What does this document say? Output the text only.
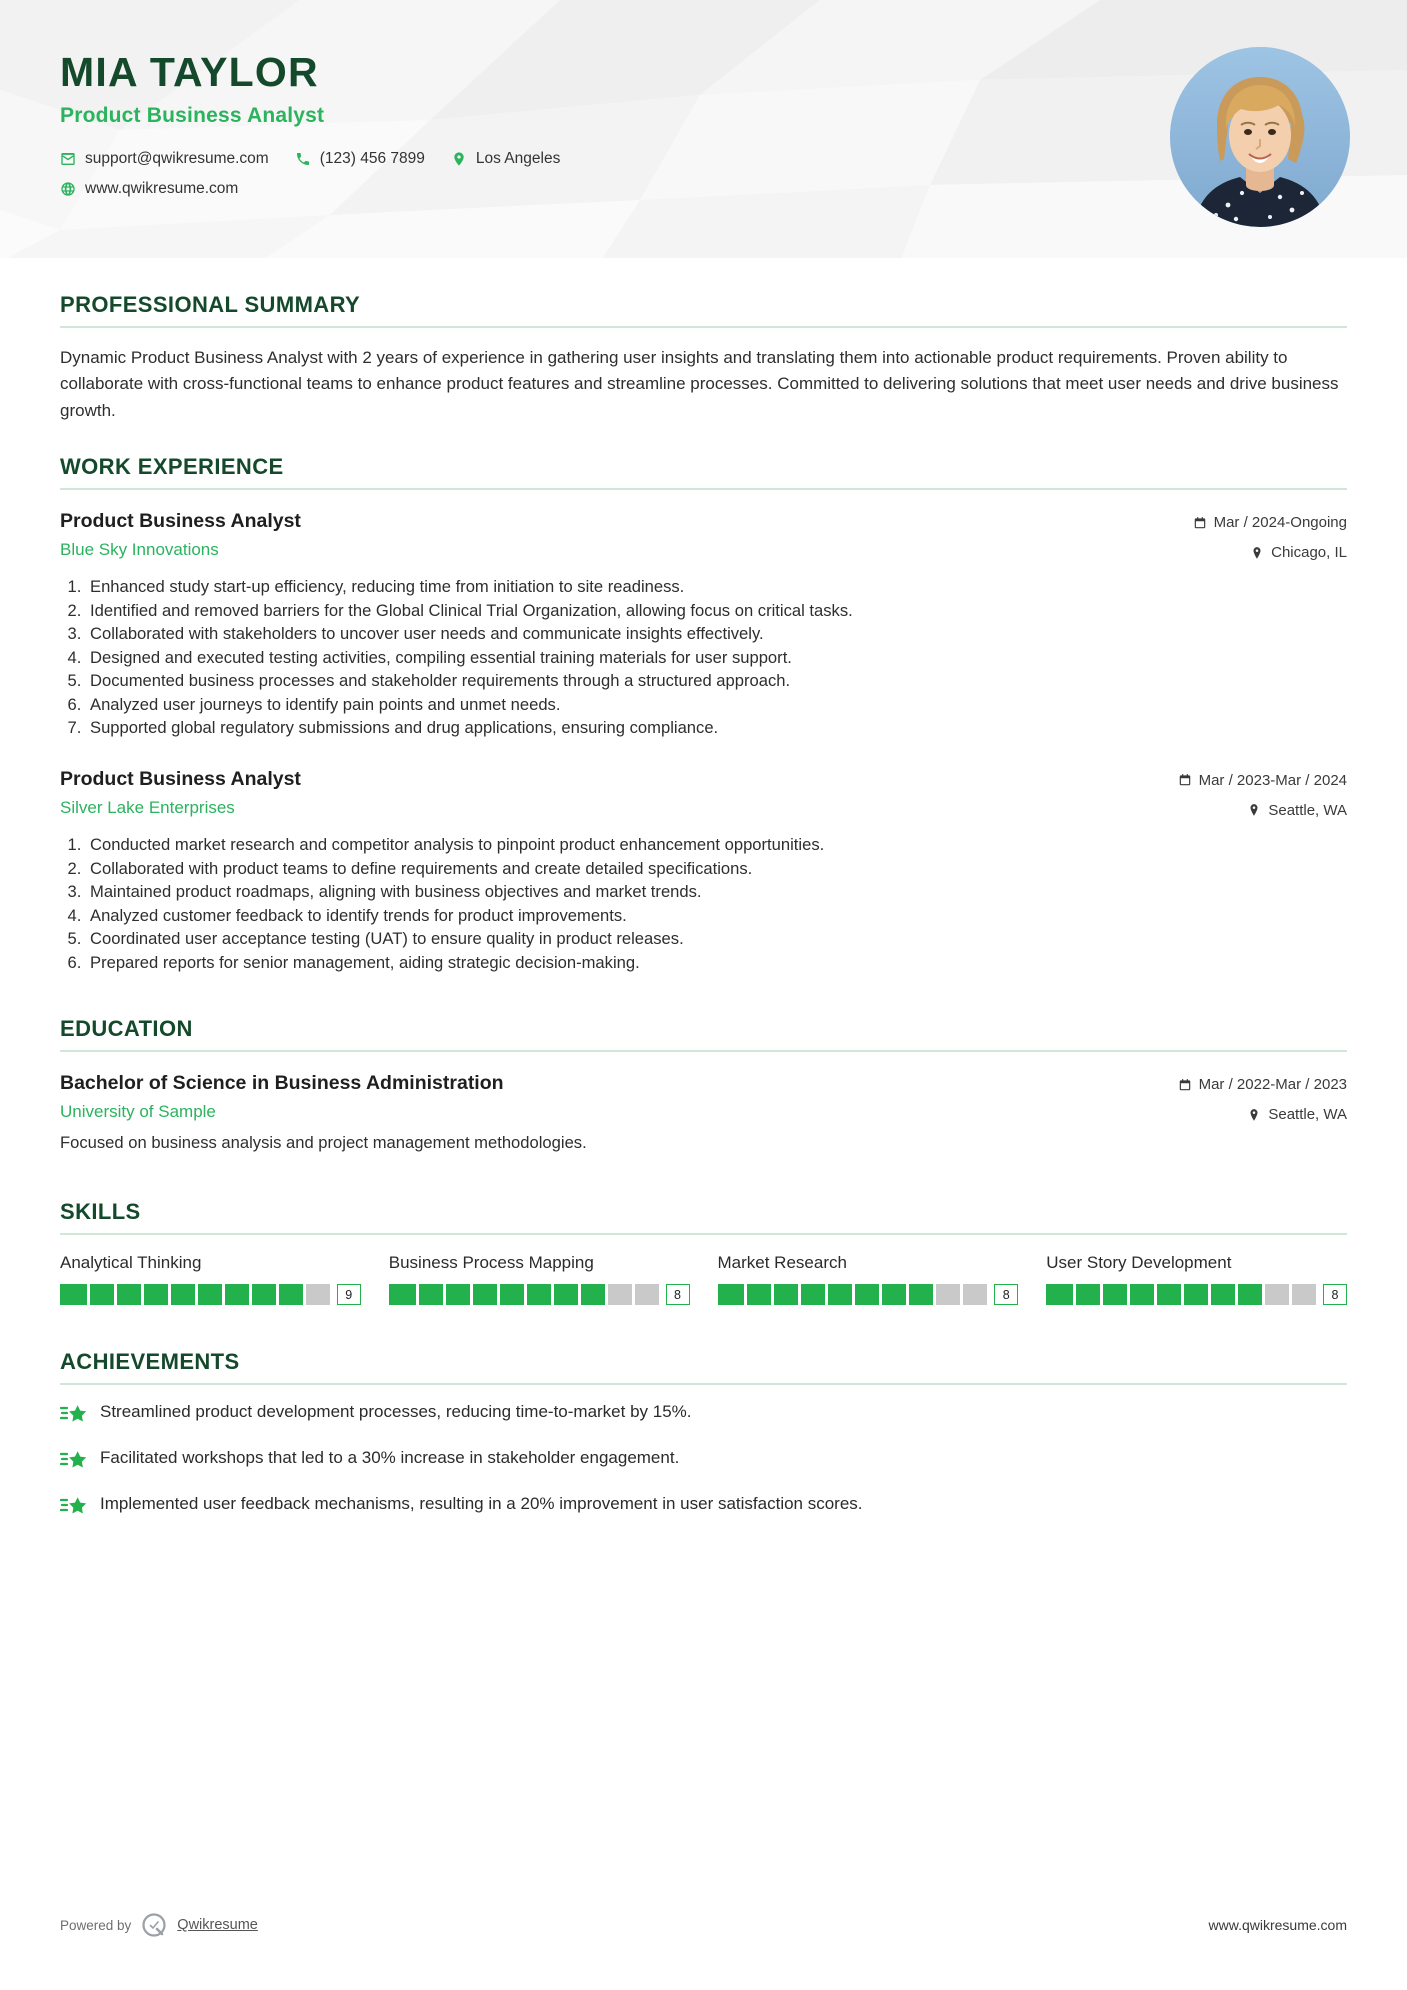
MIA TAYLOR
Product Business Analyst
support@qwikresume.com	(123) 456 7899	Los Angeles
www.qwikresume.com
PROFESSIONAL SUMMARY
Dynamic Product Business Analyst with 2 years of experience in gathering user insights and translating them into actionable product requirements. Proven ability to collaborate with cross-functional teams to enhance product features and streamline processes. Committed to delivering solutions that meet user needs and drive business growth.
WORK EXPERIENCE
Product Business Analyst
Blue Sky Innovations
Mar / 2024-Ongoing
Chicago, IL
1. Enhanced study start-up efficiency, reducing time from initiation to site readiness.
2. Identified and removed barriers for the Global Clinical Trial Organization, allowing focus on critical tasks.
3. Collaborated with stakeholders to uncover user needs and communicate insights effectively.
4. Designed and executed testing activities, compiling essential training materials for user support.
5. Documented business processes and stakeholder requirements through a structured approach.
6. Analyzed user journeys to identify pain points and unmet needs.
7. Supported global regulatory submissions and drug applications, ensuring compliance.
Product Business Analyst
Silver Lake Enterprises
Mar / 2023-Mar / 2024
Seattle, WA
1. Conducted market research and competitor analysis to pinpoint product enhancement opportunities.
2. Collaborated with product teams to define requirements and create detailed specifications.
3. Maintained product roadmaps, aligning with business objectives and market trends.
4. Analyzed customer feedback to identify trends for product improvements.
5. Coordinated user acceptance testing (UAT) to ensure quality in product releases.
6. Prepared reports for senior management, aiding strategic decision-making.
EDUCATION
Bachelor of Science in Business Administration
University of Sample
Mar / 2022-Mar / 2023
Seattle, WA
Focused on business analysis and project management methodologies.
SKILLS
Analytical Thinking
9
Business Process Mapping
8
Market Research
8
User Story Development
8
ACHIEVEMENTS
Streamlined product development processes, reducing time-to-market by 15%.
Facilitated workshops that led to a 30% increase in stakeholder engagement.
Implemented user feedback mechanisms, resulting in a 20% improvement in user satisfaction scores.
Powered by	Qwikresume	www.qwikresume.com
